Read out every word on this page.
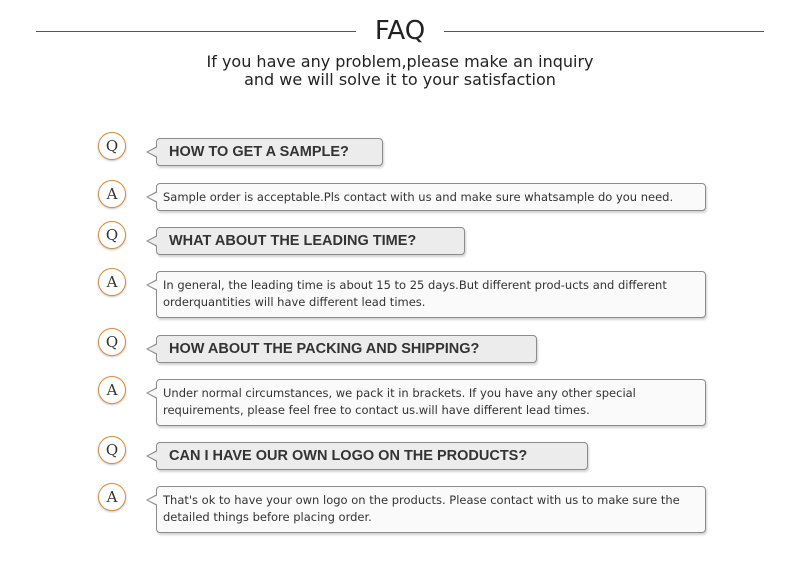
FAQ
If you have any problem,please make an inquiry
and we will solve it to your satisfaction
Q	HOW TO GET A SAMPLE?
A	Sample order is acceptable.Pls contact with us and make sure whatsample do you need.
Q	WHAT ABOUT THE LEADING TIME?
A	In general, the leading time is about 15 to 25 days.But different prod-ucts and different
orderquantities will have different lead times.
Q	HOW ABOUT THE PACKING AND SHIPPING?
A	Under normal circumstances, we pack it in brackets. If you have any other special
requirements, please feel free to contact us.will have different lead times.
Q	CAN I HAVE OUR OWN LOGO ON THE PRODUCTS?
A	That's ok to have your own logo on the products. Please contact with us to make sure the
detailed things before placing order.
